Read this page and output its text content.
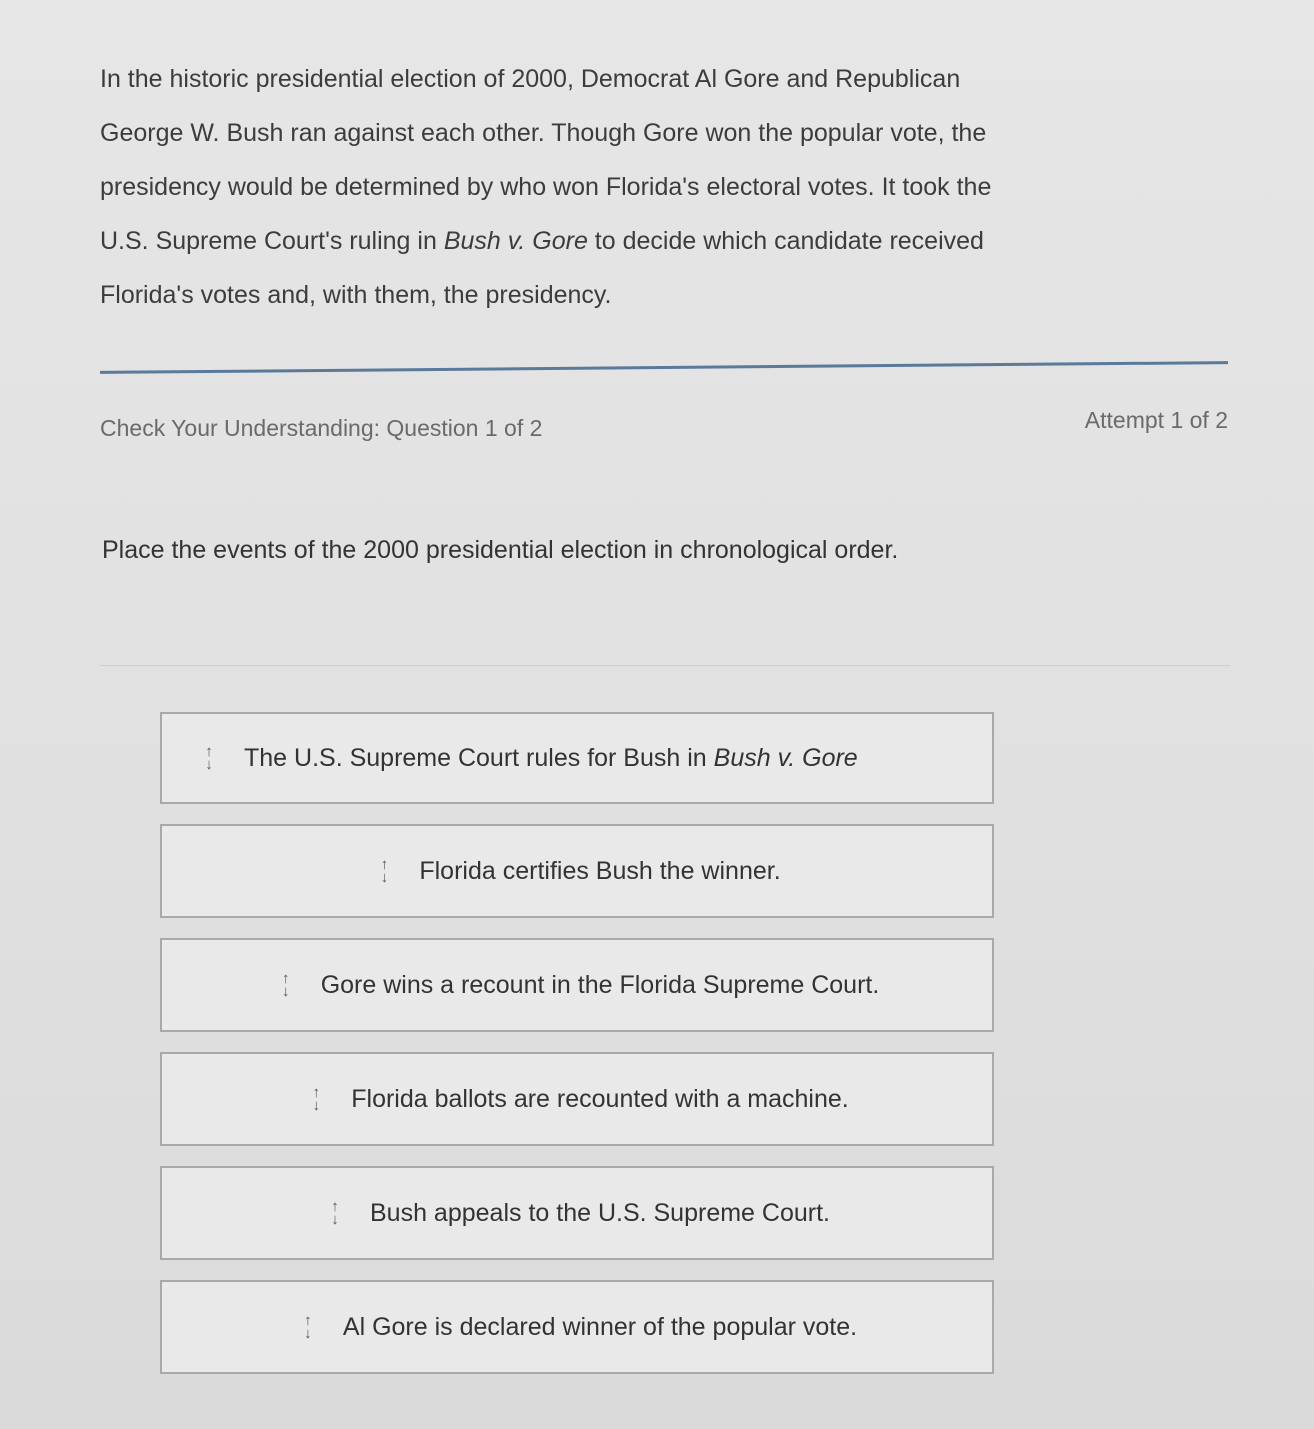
In the historic presidential election of 2000, Democrat Al Gore and Republican
George W. Bush ran against each other. Though Gore won the popular vote, the
presidency would be determined by who won Florida's electoral votes. It took the
U.S. Supreme Court's ruling in Bush v. Gore to decide which candidate received
Florida's votes and, with them, the presidency.
Check Your Understanding: Question 1 of 2	Attempt 1 of 2
Place the events of the 2000 presidential election in chronological order.
↑
↓ The U.S. Supreme Court rules for Bush in Bush v. Gore
↑
↓ Florida certifies Bush the winner.
↑
↓ Gore wins a recount in the Florida Supreme Court.
↑
↓ Florida ballots are recounted with a machine.
↑
↓ Bush appeals to the U.S. Supreme Court.
↑
↓ Al Gore is declared winner of the popular vote.
